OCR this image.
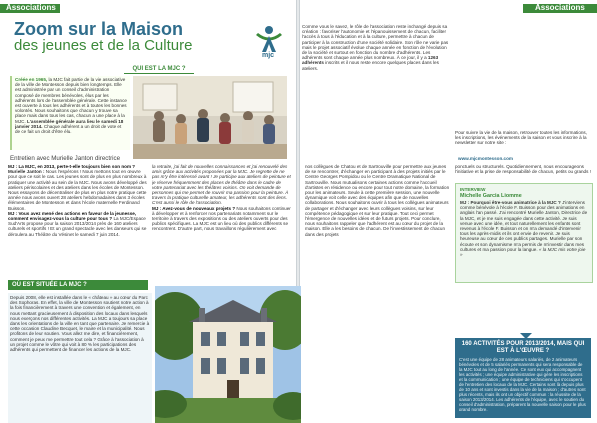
Associations
Zoom sur la Maison
des jeunes et de la Culture
mjc
QUI EST LA MJC ?
Créée en 1965, la MJC fait partie de la vie associative de la ville de Montesson depuis bien longtemps. Elle est administrée par un conseil d'administration composé de membres bénévoles, élus par les adhérents lors de l'assemblée générale. Cette instance est ouverte à tous les adhérents et à toutes les bonnes volontés. Nous souhaitons que chacun y trouve sa place mais dans tous les cas, chacun a une place à la MJC. L'assemblée générale aura lieu le samedi 18 janvier 2014. Chaque adhérent a un droit de vote et de ce fait un droit d'être élu.
Entretien avec Murielle Janton directrice
MJ : La MJC, en 2013, perte-t-elle toujours bien son nom ? Murielle Janton : Nous l'espérons ! Nous mettons tout en œuvre pour que ce soit le cas. Les jeunes sont de plus en plus nombreux à pratiquer une activité au sein de la MJC. Nous avons développé des ateliers périscolaires et des ateliers dans les écoles de Montesson. Nous essayons de décentraliser de plus en plus notre pratique cette année nous avons ouvert 28 ateliers hebdomadaires dans 3 écoles élémentaires de Montesson et dans l'école maternelle Ferdinand Buisson.
MJ : Vous avez mené des actions en faveur de la jeunesse, comment envisagez-vous la culture pour tous ? La MJC/Espace Sud'Arts propose pour la saison 2013/2014 près de 160 ateliers culturels et sportifs ! Et un grand spectacle avec les danseurs qui se déroulera au Théâtre du Vésinet le samedi 7 juin 2014.
la retraite, j'ai fait de nouvelles connaissances et j'ai renouvelé des amis grâce aux activités proposées par la MJC. Je regrette de ne pas m'y être intéressé avant ! Je participe aux ateliers de peinture et je réserve fréquemment des places de théâtre dans le cadre de votre partenariat avec les théâtres voisins. On voit demande de personnes qui me permet de rouvrir ma passion pour la peinture. À travers la pratique culturelle amateur, les adhérents sont des liens. C'est aussi le rôle de l'association.
MJ : Avez-vous de nouveaux projets ? Nous souhaitons continuer à développer et à renforcer nos partenariats notamment sur le territoire à travers des expositions ou des ateliers ouverts pour des publics spécifiques. La MJC est un lieu où des publics différents se rencontrent. D'autre part, nous travaillons régulièrement avec
OÙ EST SITUÉE LA MJC ?
Depuis 2008, elle est installée dans le « château » au cœur du Parc des Sophoras. En effet, la ville de Montesson soutient notre action à la fois financièrement à travers une convention et également, en nous mettant gracieusement à disposition des locaux dans lesquels nous exerçons nos différentes activités. La MJC a toujours sa place dans les orientations de la ville en tant que partenaire. Je remercie à cette occasion Claudine Becquet, le maire et la municipalité. Nous profitons de leur soutien. Vous allez me dire, et financièrement, comment je peux me permettre tout cela ? Grâce à l'association à un projet comme le vôtre qui voit à 80 % les participations des adhérents qui permettent de financer les actions de la MJC.
Associations
nos collègues de Chatou et de Sartrouville pour permettre aux jeunes de se rencontrer, d'échanger en participant à des projets initiés par le Centre Georges Pompidou ou le Centre Dramatique National de Sartrouville. Nous mutualisons certaines actions comme l'accueil d'artistes en résidence ou encore pour tout notre domaine, la formation pour les animateurs. Seule à cette première session, une nouvelle dynamique voit celle avec des équipes afin que de nouvelles collaborations. Nous souhaitons ouvrir à tous les collègues animateurs de partager et d'échanger avec leurs collègues voisins, sur leur compétence pédagogique et sur leur pratique. Tout ceci permet l'émergence de nouvelles idées et de futurs projets. Pour conclure, nous souhaitons rappeler que l'adhérent est au cœur du projet de la maison. Elle a les besoins de chacun. De l'investissement de chacun dans des projets
ponctuels ou structurels. Quotidiennement, nous encourageons l'initiative et la prise de responsabilité de chacun, petits ou grands !
Pour suivre la vie de la maison, retrouver toutes les informations, les inscriptions, les événements de la saison et vous inscrire à la newsletter sur notre site :
www.mjcmontesson.com
INTERVIEW
Michelle Garcia Liomme
MJ : Pourquoi être-vous animatrice à la MJC ? J'interviens comme bénévole à l'école F. Buisson pour des animations en anglais l'an passé. J'ai rencontré Murielle Janton, Directrice de la MJC, et je me suis engagée dans cette activité. Je suis venue avec une idée, et tout naturellement les enfants sont revenus à l'école F. Buisson et on m'a demandé d'intervenir tous les après-midis et ils ont envie de revenir. Je suis heureuse au cœur de ces publics partages. Murielle par son écoute et son dynamisme m'a permis de m'investir dans mes cultures et ma passion pour la langue. « la MJC mis votre joie »
160 ACTIVITÉS POUR 2013/2014, MAIS QUI EST À L'ŒUVRE ?
C'est une équipe de 28 animateurs salariés, de 2 animateurs bénévoles et de 5 salariés permanents qui sera responsable de la MJC tout au long de l'année. Ce sont eux qui accompagnent les activités ; une équipe administrative qui gère les inscriptions et la communication ; une équipe de techniciens qui s'occupent de l'entretien des locaux de la MJC. Certains sont là depuis plus de 10 ans et sont investis dans la vie de la maison ; d'autres sont plus récents, mais ils ont un objectif commun : la réussite de la saison 2013/2014. Les adhérents de l'équipe, avec le soutien du conseil d'administration, préparent la nouvelle saison pour le plus grand nombre.
Comme vous le savez, le rôle de l'association reste inchangé depuis sa création : favoriser l'autonomie et l'épanouissement de chacun, faciliter l'accès à tous à l'éducation et à la culture, permettre à chacun de participer à la construction d'une société solidaire. Son rôle ne varie pas mais le projet associatif évolue chaque année en fonction de l'évolution de la société et surtout en fonction du nombre d'adhérents. Les adhérents sont chaque année plus nombreux. À ce jour, il y a 1263 adhérents inscrits et il nous reste encore quelques places dans les ateliers.
